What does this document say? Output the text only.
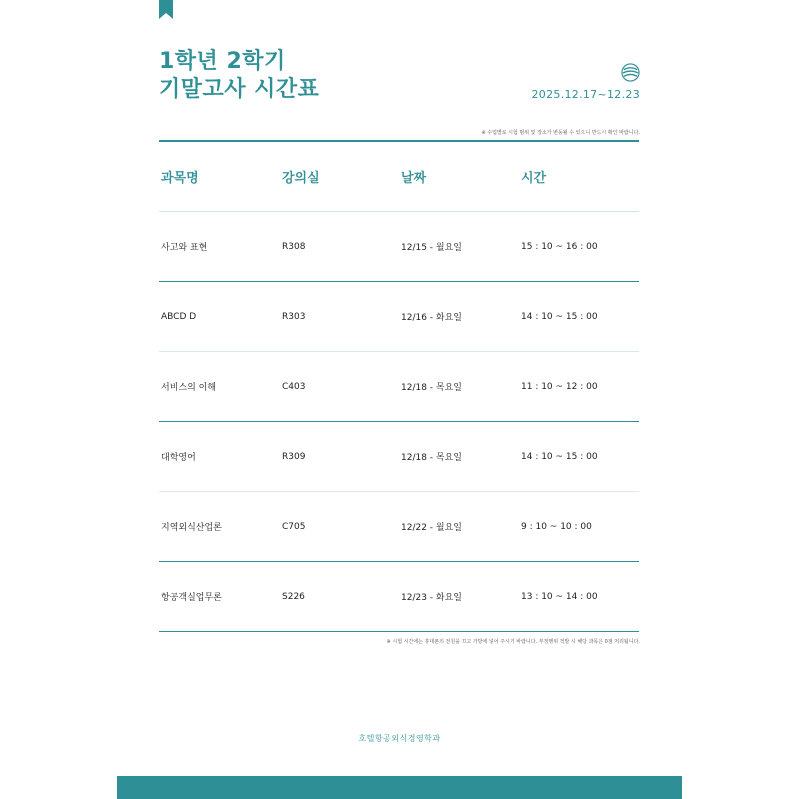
1학년 2학기
기말고사 시간표	2025.12.17~12.23
※ 수업별로 시험 범위 및 장소가 변동될 수 있으니 반드시 확인 바랍니다.
과목명	강의실	날짜	시간
사고와 표현	R308	12/15 - 월요일	15 : 10 ~ 16 : 00
ABCD D	R303	12/16 - 화요일	14 : 10 ~ 15 : 00
서비스의 이해	C403	12/18 - 목요일	11 : 10 ~ 12 : 00
대학영어	R309	12/18 - 목요일	14 : 10 ~ 15 : 00
지역외식산업론	C705	12/22 - 월요일	9 : 10 ~ 10 : 00
항공객실업무론	S226	12/23 - 화요일	13 : 10 ~ 14 : 00
※ 시험 시간에는 휴대폰의 전원을 끄고 가방에 넣어 주시기 바랍니다. 부정행위 적발 시 해당 과목은 0점 처리됩니다.
호텔항공외식경영학과
